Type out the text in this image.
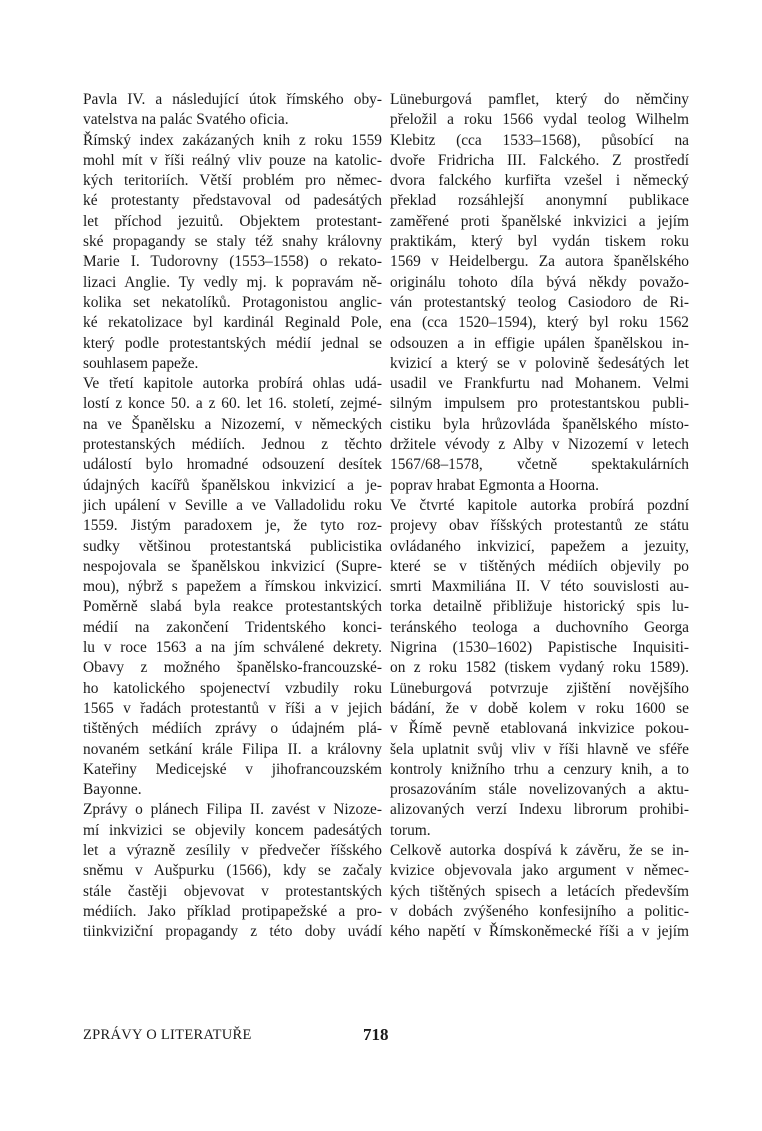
Pavla IV. a následující útok římského oby-
vatelstva na palác Svatého oficia.
Římský index zakázaných knih z roku 1559
mohl mít v říši reálný vliv pouze na katolic-
kých teritoriích. Větší problém pro němec-
ké protestanty představoval od padesátých
let příchod jezuitů. Objektem protestant-
ské propagandy se staly též snahy královny
Marie I. Tudorovny (1553–1558) o rekato-
lizaci Anglie. Ty vedly mj. k popravám ně-
kolika set nekatolíků. Protagonistou anglic-
ké rekatolizace byl kardinál Reginald Pole,
který podle protestantských médií jednal se
souhlasem papeže.
Ve třetí kapitole autorka probírá ohlas udá-
lostí z konce 50. a z 60. let 16. století, zejmé-
na ve Španělsku a Nizozemí, v německých
protestanských médiích. Jednou z těchto
událostí bylo hromadné odsouzení desítek
údajných kacířů španělskou inkvizicí a je-
jich upálení v Seville a ve Valladolidu roku
1559. Jistým paradoxem je, že tyto roz-
sudky většinou protestantská publicistika
nespojovala se španělskou inkvizicí (Supre-
mou), nýbrž s papežem a římskou inkvizicí.
Poměrně slabá byla reakce protestantských
médií na zakončení Tridentského konci-
lu v roce 1563 a na jím schválené dekrety.
Obavy z možného španělsko-francouzské-
ho katolického spojenectví vzbudily roku
1565 v řadách protestantů v říši a v jejich
tištěných médiích zprávy o údajném plá-
novaném setkání krále Filipa II. a královny
Kateřiny Medicejské v jihofrancouzském
Bayonne.
Zprávy o plánech Filipa II. zavést v Nizoze-
mí inkvizici se objevily koncem padesátých
let a výrazně zesílily v předvečer říšského
sněmu v Aušpurku (1566), kdy se začaly
stále častěji objevovat v protestantských
médiích. Jako příklad protipapežské a pro-
tiinkviziční propagandy z této doby uvádí
Lüneburgová pamflet, který do němčiny
přeložil a roku 1566 vydal teolog Wilhelm
Klebitz (cca 1533–1568), působící na
dvoře Fridricha III. Falckého. Z prostředí
dvora falckého kurfiřta vzešel i německý
překlad rozsáhlejší anonymní publikace
zaměřené proti španělské inkvizici a jejím
praktikám, který byl vydán tiskem roku
1569 v Heidelbergu. Za autora španělského
originálu tohoto díla bývá někdy považo-
ván protestantský teolog Casiodoro de Ri-
ena (cca 1520–1594), který byl roku 1562
odsouzen a in effigie upálen španělskou in-
kvizicí a který se v polovině šedesátých let
usadil ve Frankfurtu nad Mohanem. Velmi
silným impulsem pro protestantskou publi-
cistiku byla hrůzovláda španělského místo-
držitele vévody z Alby v Nizozemí v letech
1567/68–1578, včetně spektakulárních
poprav hrabat Egmonta a Hoorna.
Ve čtvrté kapitole autorka probírá pozdní
projevy obav říšských protestantů ze státu
ovládaného inkvizicí, papežem a jezuity,
které se v tištěných médiích objevily po
smrti Maxmiliána II. V této souvislosti au-
torka detailně přibližuje historický spis lu-
teránského teologa a duchovního Georga
Nigrina (1530–1602) Papistische Inquisiti-
on z roku 1582 (tiskem vydaný roku 1589).
Lüneburgová potvrzuje zjištění novějšího
bádání, že v době kolem v roku 1600 se
v Římě pevně etablovaná inkvizice pokou-
šela uplatnit svůj vliv v říši hlavně ve sféře
kontroly knižního trhu a cenzury knih, a to
prosazováním stále novelizovaných a aktu-
alizovaných verzí Indexu librorum prohibi-
torum.
Celkově autorka dospívá k závěru, že se in-
kvizice objevovala jako argument v němec-
kých tištěných spisech a letácích především
v dobách zvýšeného konfesijního a politic-
kého napětí v Římskoněmecké říši a v jejím
ZPRÁVY O LITERATUŘE	718
